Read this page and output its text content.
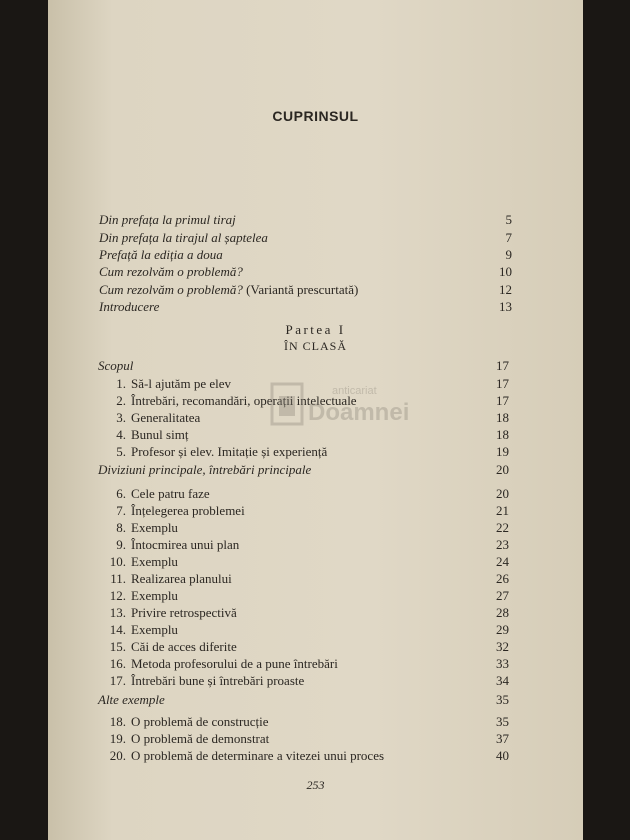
CUPRINSUL
Din prefața la primul tiraj	5
Din prefața la tirajul al șaptelea	7
Prefață la ediția a doua	9
Cum rezolvăm o problemă?	10
Cum rezolvăm o problemă? (Variantă prescurtată)	12
Introducere	13
Partea I
ÎN CLASĂ
Scopul	17
1. Să-l ajutăm pe elev	17
2. Întrebări, recomandări, operații intelectuale	17
3. Generalitatea	18
4. Bunul simț	18
5. Profesor și elev. Imitație și experiență	19
Diviziuni principale, întrebări principale	20
6. Cele patru faze	20
7. Înțelegerea problemei	21
8. Exemplu	22
9. Întocmirea unui plan	23
10. Exemplu	24
11. Realizarea planului	26
12. Exemplu	27
13. Privire retrospectivă	28
14. Exemplu	29
15. Căi de acces diferite	32
16. Metoda profesorului de a pune întrebări	33
17. Întrebări bune și întrebări proaste	34
Alte exemple	35
18. O problemă de construcție	35
19. O problemă de demonstrat	37
20. O problemă de determinare a vitezei unui proces	40
253
anticariat
Doamnei
